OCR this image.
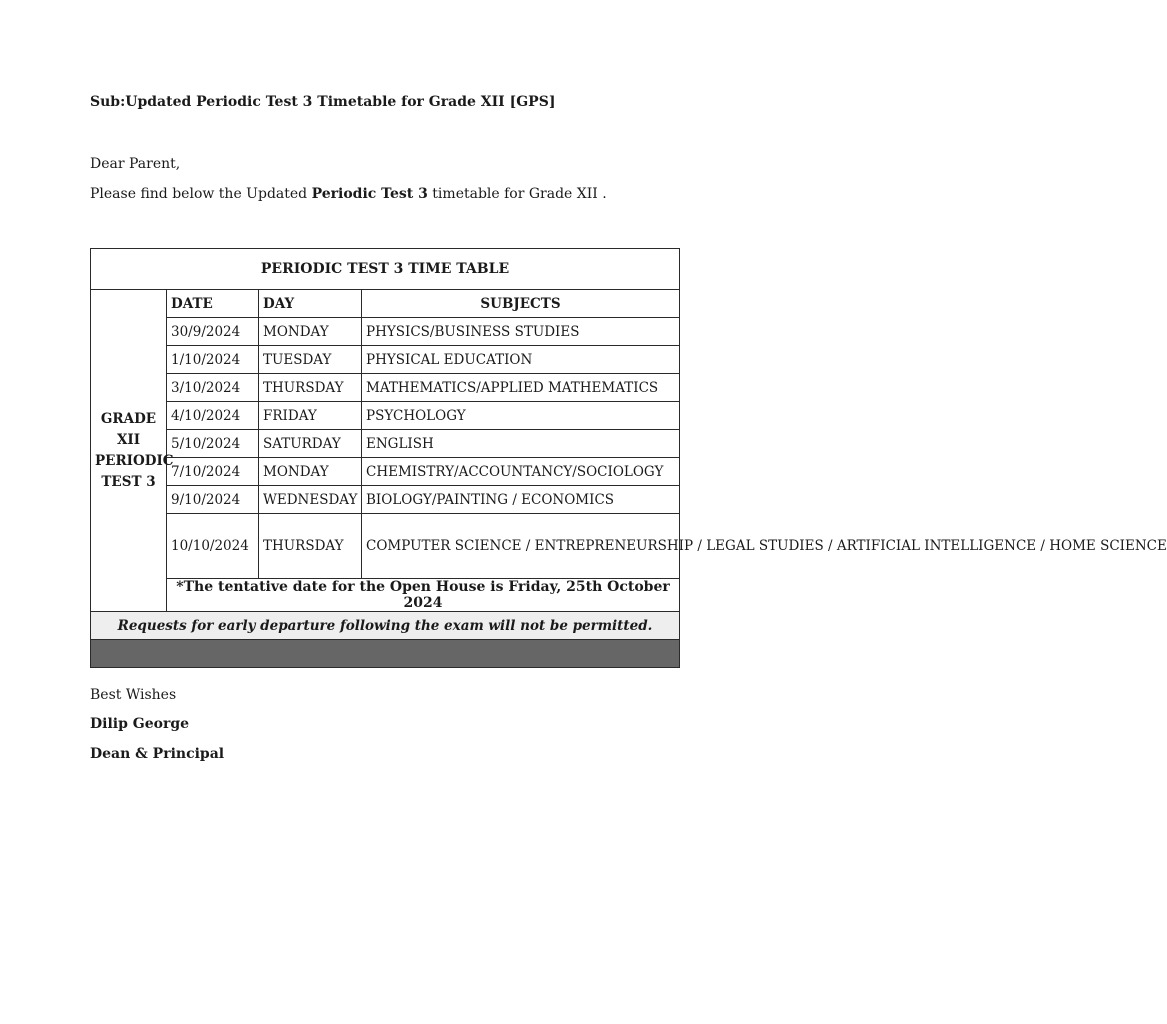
Sub:Updated Periodic Test 3 Timetable for Grade XII [GPS]
Dear Parent,
Please find below the Updated Periodic Test 3 timetable for Grade XII .
PERIODIC TEST 3 TIME TABLE			

GRADE
XII
PERIODIC
TEST 3	DATE	DAY	SUBJECTS
	30/9/2024	MONDAY	PHYSICS/BUSINESS STUDIES
	1/10/2024	TUESDAY	PHYSICAL EDUCATION
	3/10/2024	THURSDAY	MATHEMATICS/APPLIED MATHEMATICS
	4/10/2024	FRIDAY	PSYCHOLOGY
	5/10/2024	SATURDAY	ENGLISH
	7/10/2024	MONDAY	CHEMISTRY/ACCOUNTANCY/SOCIOLOGY
	9/10/2024	WEDNESDAY	BIOLOGY/PAINTING / ECONOMICS
	10/10/2024	THURSDAY	COMPUTER SCIENCE / ENTREPRENEURSHIP / LEGAL STUDIES / ARTIFICIAL INTELLIGENCE / HOME SCIENCE
	*The tentative date for the Open House is Friday, 25th October 2024		
Requests for early departure following the exam will not be permitted.			

Best Wishes
Dilip George
Dean & Principal
